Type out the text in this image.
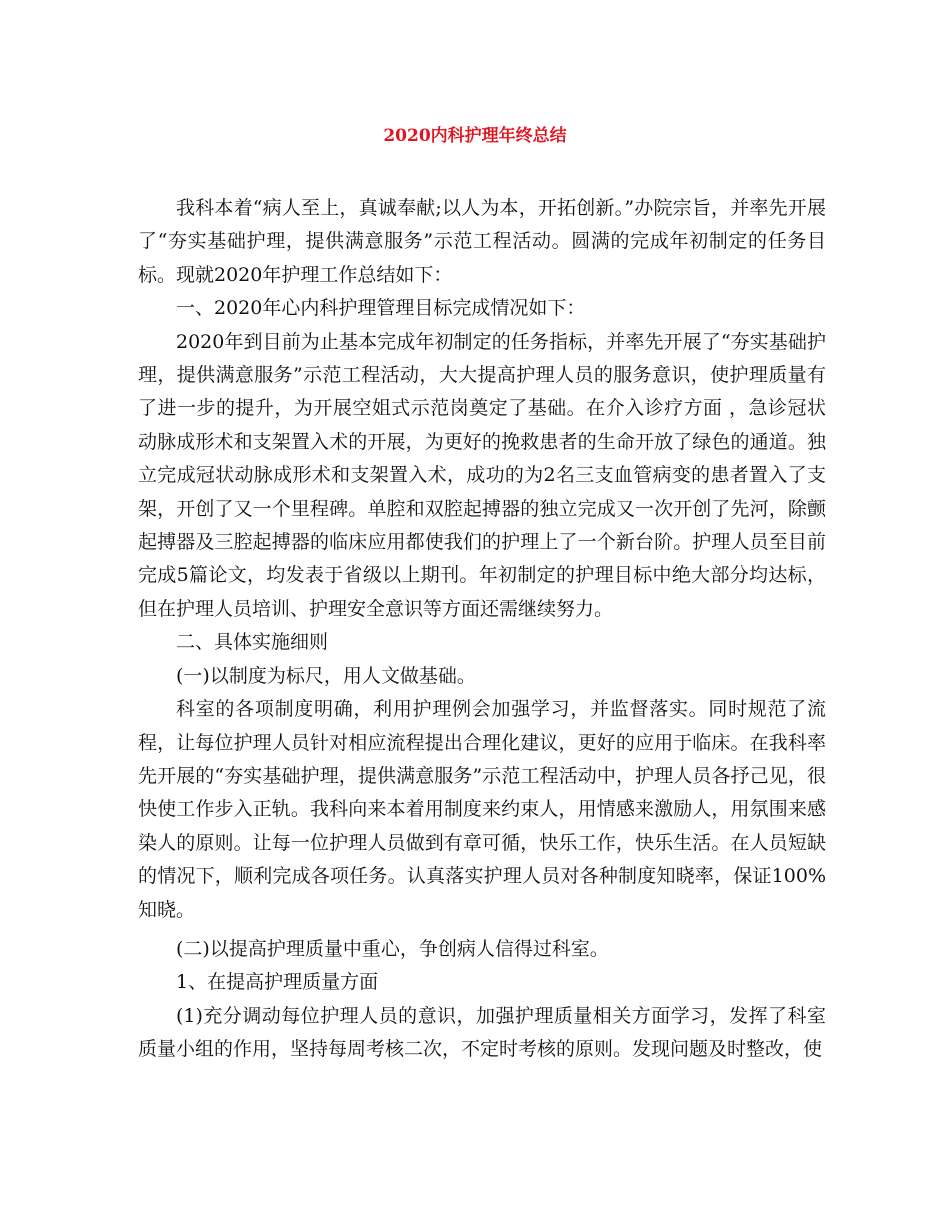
2020内科护理年终总结

我科本着“病人至上，真诚奉献;以人为本，开拓创新。”办院宗旨，并率先开展了“夯实基础护理，提供满意服务”示范工程活动。圆满的完成年初制定的任务目标。现就2020年护理工作总结如下：

一、2020年心内科护理管理目标完成情况如下：

2020年到目前为止基本完成年初制定的任务指标，并率先开展了“夯实基础护理，提供满意服务”示范工程活动，大大提高护理人员的服务意识，使护理质量有了进一步的提升，为开展空姐式示范岗奠定了基础。在介入诊疗方面 ，急诊冠状动脉成形术和支架置入术的开展，为更好的挽救患者的生命开放了绿色的通道。独立完成冠状动脉成形术和支架置入术，成功的为2名三支血管病变的患者置入了支架，开创了又一个里程碑。单腔和双腔起搏器的独立完成又一次开创了先河，除颤起搏器及三腔起搏器的临床应用都使我们的护理上了一个新台阶。护理人员至目前完成5篇论文，均发表于省级以上期刊。年初制定的护理目标中绝大部分均达标，但在护理人员培训、护理安全意识等方面还需继续努力。

二、具体实施细则

(一)以制度为标尺，用人文做基础。

科室的各项制度明确，利用护理例会加强学习，并监督落实。同时规范了流程，让每位护理人员针对相应流程提出合理化建议，更好的应用于临床。在我科率先开展的“夯实基础护理，提供满意服务”示范工程活动中，护理人员各抒己见，很快使工作步入正轨。我科向来本着用制度来约束人，用情感来激励人，用氛围来感染人的原则。让每一位护理人员做到有章可循，快乐工作，快乐生活。在人员短缺的情况下，顺利完成各项任务。认真落实护理人员对各种制度知晓率，保证100%知晓。

(二)以提高护理质量中重心，争创病人信得过科室。

1、在提高护理质量方面

(1)充分调动每位护理人员的意识，加强护理质量相关方面学习，发挥了科室质量小组的作用，坚持每周考核二次，不定时考核的原则。发现问题及时整改，使
